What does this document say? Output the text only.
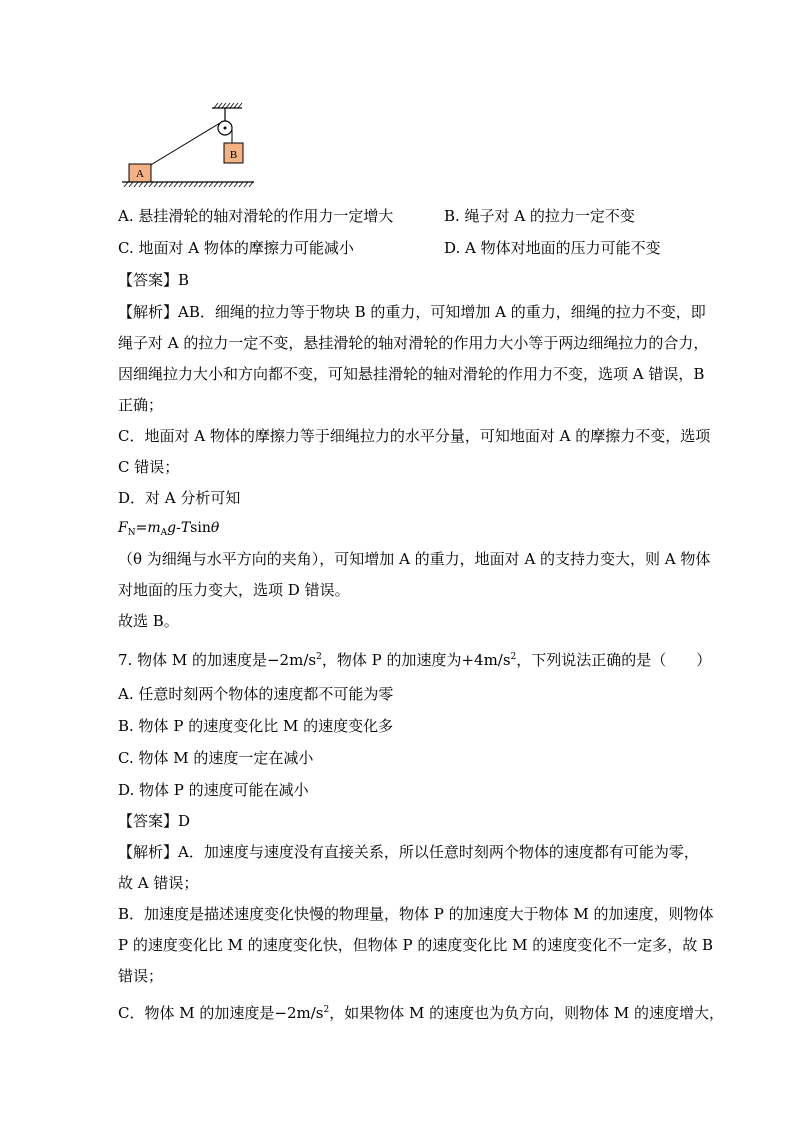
B
A
A. 悬挂滑轮的轴对滑轮的作用力一定增大	B. 绳子对 A 的拉力一定不变
C. 地面对 A 物体的摩擦力可能减小	D. A 物体对地面的压力可能不变
【答案】B
【解析】AB．细绳的拉力等于物块 B 的重力，可知增加 A 的重力，细绳的拉力不变，即
绳子对 A 的拉力一定不变，悬挂滑轮的轴对滑轮的作用力大小等于两边细绳拉力的合力，
因细绳拉力大小和方向都不变，可知悬挂滑轮的轴对滑轮的作用力不变，选项 A 错误，B
正确；
C．地面对 A 物体的摩擦力等于细绳拉力的水平分量，可知地面对 A 的摩擦力不变，选项
C 错误；
D．对 A 分析可知
$F_N=m_Ag$-Tsinθ
（θ 为细绳与水平方向的夹角），可知增加 A 的重力，地面对 A 的支持力变大，则 A 物体
对地面的压力变大，选项 D 错误。
故选 B。
7. 物体 M 的加速度是$-2m/s^2$，物体 P 的加速度为$+4m/s^2$，下列说法正确的是（　　）
A. 任意时刻两个物体的速度都不可能为零
B. 物体 P 的速度变化比 M 的速度变化多
C. 物体 M 的速度一定在减小
D. 物体 P 的速度可能在减小
【答案】D
【解析】A．加速度与速度没有直接关系，所以任意时刻两个物体的速度都有可能为零，
故 A 错误；
B．加速度是描述速度变化快慢的物理量，物体 P 的加速度大于物体 M 的加速度，则物体
P 的速度变化比 M 的速度变化快，但物体 P 的速度变化比 M 的速度变化不一定多，故 B
错误；
C．物体 M 的加速度是$-2m/s^2$，如果物体 M 的速度也为负方向，则物体 M 的速度增大，
